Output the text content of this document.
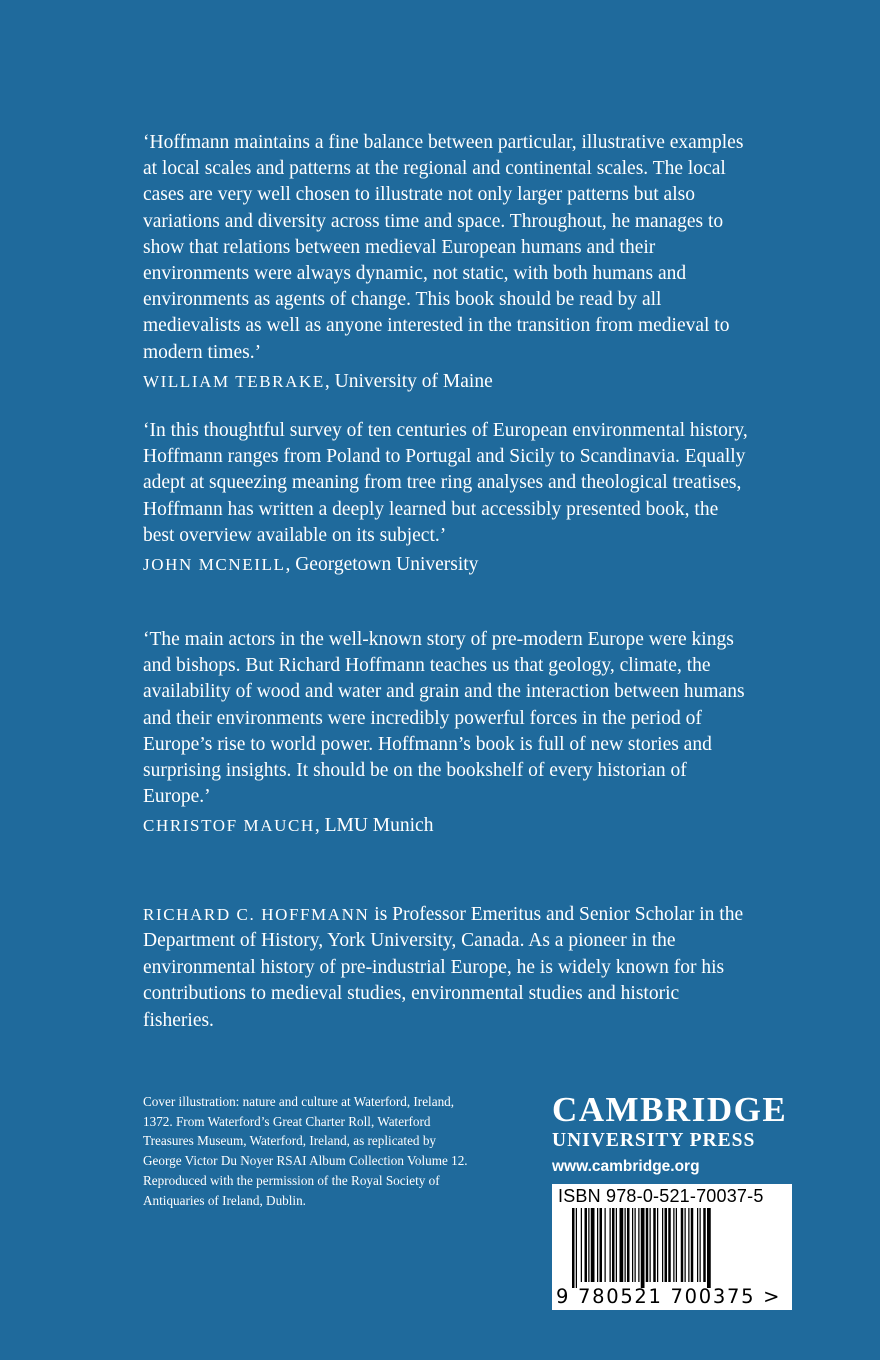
‘Hoffmann maintains a fine balance between particular, illustrative examples at local scales and patterns at the regional and continental scales. The local cases are very well chosen to illustrate not only larger patterns but also variations and diversity across time and space. Throughout, he manages to show that relations between medieval European humans and their environments were always dynamic, not static, with both humans and environments as agents of change. This book should be read by all medievalists as well as anyone interested in the transition from medieval to modern times.’

WILLIAM TEBRAKE, University of Maine

‘In this thoughtful survey of ten centuries of European environmental history, Hoffmann ranges from Poland to Portugal and Sicily to Scandinavia. Equally adept at squeezing meaning from tree ring analyses and theological treatises, Hoffmann has written a deeply learned but accessibly presented book, the best overview available on its subject.’

JOHN MCNEILL, Georgetown University

‘The main actors in the well-known story of pre-modern Europe were kings and bishops. But Richard Hoffmann teaches us that geology, climate, the availability of wood and water and grain and the interaction between humans and their environments were incredibly powerful forces in the period of Europe’s rise to world power. Hoffmann’s book is full of new stories and surprising insights. It should be on the bookshelf of every historian of Europe.’

CHRISTOF MAUCH, LMU Munich
RICHARD C. HOFFMANN is Professor Emeritus and Senior Scholar in the Department of History, York University, Canada. As a pioneer in the environmental history of pre-industrial Europe, he is widely known for his contributions to medieval studies, environmental studies and historic fisheries.
Cover illustration: nature and culture at Waterford, Ireland, 1372. From Waterford’s Great Charter Roll, Waterford Treasures Museum, Waterford, Ireland, as replicated by George Victor Du Noyer RSAI Album Collection Volume 12. Reproduced with the permission of the Royal Society of Antiquaries of Ireland, Dublin.
CAMBRIDGE
UNIVERSITY PRESS
www.cambridge.org
ISBN 978-0-521-70037-5
9 780521 700375 >
